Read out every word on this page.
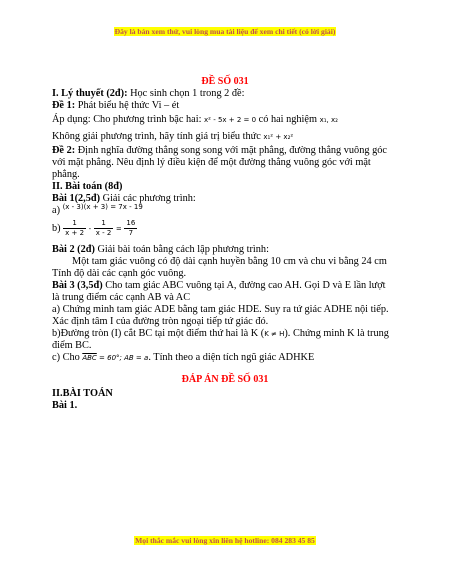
Đây là bản xem thử, vui lòng mua tài liệu để xem chi tiết (có lời giải)
ĐỀ SỐ 031
I. Lý thuyết (2đ): Học sinh chọn 1 trong 2 đề:
Đề 1: Phát biểu hệ thức Vi – ét
Áp dụng: Cho phương trình bậc hai: x² - 5x + 2 = 0 có hai nghiệm x₁, x₂
Không giải phương trình, hãy tính giá trị biểu thức x₁² + x₂²
Đề 2: Định nghĩa đường thẳng song song với mặt phẳng, đường thẳng vuông góc
với mặt phẳng. Nêu định lý điều kiện để một đường thẳng vuông góc với mặt
phẳng.
II. Bài toán (8đ)
Bài 1(2,5đ) Giải các phương trình:
a) $^{(x - 3)(x + 3) = 7x - 19}$
$b) \frac{1}{x + 2} - \frac{1}{x - 2} = \frac{16}{7}$
Bài 2 (2đ) Giải bài toán bằng cách lập phương trình:
Một tam giác vuông có độ dài cạnh huyền bằng 10 cm và chu vi bằng 24 cm
Tính độ dài các cạnh góc vuông.
Bài 3 (3,5đ) Cho tam giác ABC vuông tại A, đường cao AH. Gọi D và E lần lượt
là trung điểm các cạnh AB và AC
a) Chứng minh tam giác ADE bằng tam giác HDE. Suy ra tứ giác ADHE nội tiếp.
Xác định tâm I của đường tròn ngoại tiếp tứ giác đó.
b)Đường tròn (I) cắt BC tại một điểm thứ hai là K (K ≠ H). Chứng minh K là trung
điểm BC.
c) Cho $\overline{ABC} = 60^\circ$; AB = a. Tính theo a diện tích ngũ giác ADHKE
ĐÁP ÁN ĐỀ SỐ 031
II.BÀI TOÁN
Bài 1.
Mọi thắc mắc vui lòng xin liên hệ hotline: 084 283 45 85
